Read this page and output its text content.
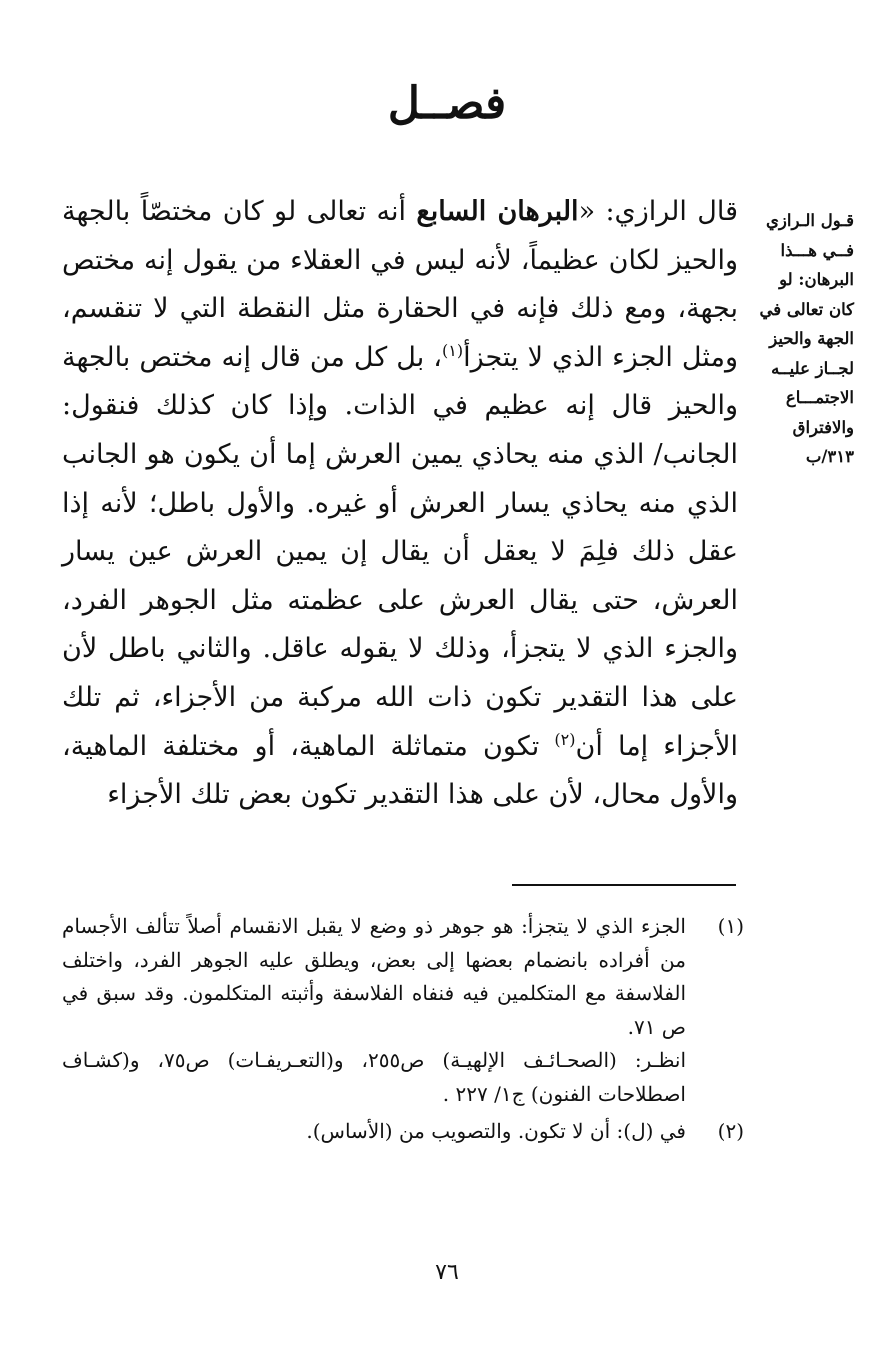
فصــل
قـول الـرازي
فــي هـــذا
البرهان: لو
كان تعالى في
الجهة والحيز
لجــاز عليــه
الاجتمـــاع
والافتراق
٣١٣/ب

قال الرازي: «البرهان السابع أنه تعالى لو كان مختصّاً بالجهة والحيز لكان عظيماً، لأنه ليس في العقلاء من يقول إنه مختص بجهة، ومع ذلك فإنه في الحقارة مثل النقطة التي لا تنقسم، ومثل الجزء الذي لا يتجزأ$^{(١)}$، بل كل من قال إنه مختص بالجهة والحيز قال إنه عظيم في الذات. وإذا كان كذلك فنقول: الجانب/ الذي منه يحاذي يمين العرش إما أن يكون هو الجانب الذي منه يحاذي يسار العرش أو غيره. والأول باطل؛ لأنه إذا عقل ذلك فلِمَ لا يعقل أن يقال إن يمين العرش عين يسار العرش، حتى يقال العرش على عظمته مثل الجوهر الفرد، والجزء الذي لا يتجزأ، وذلك لا يقوله عاقل. والثاني باطل لأن على هذا التقدير تكون ذات الله مركبة من الأجزاء، ثم تلك الأجزاء إما أن$^{(٢)}$ تكون متماثلة الماهية، أو مختلفة الماهية، والأول محال، لأن على هذا التقدير تكون بعض تلك الأجزاء

(١)
الجزء الذي لا يتجزأ: هو جوهر ذو وضع لا يقبل الانقسام أصلاً تتألف الأجسام من أفراده بانضمام بعضها إلى بعض، ويطلق عليه الجوهر الفرد، واختلف الفلاسفة مع المتكلمين فيه فنفاه الفلاسفة وأثبته المتكلمون. وقد سبق في ص ٧١.

انظـر: (الصحـائـف الإلهيـة) ص٢٥٥، و(التعـريفـات) ص٧٥، و(كشـاف اصطلاحات الفنون) ج١/ ٢٢٧ .

(٢)
في (ل): أن لا تكون. والتصويب من (الأساس).

٧٦
